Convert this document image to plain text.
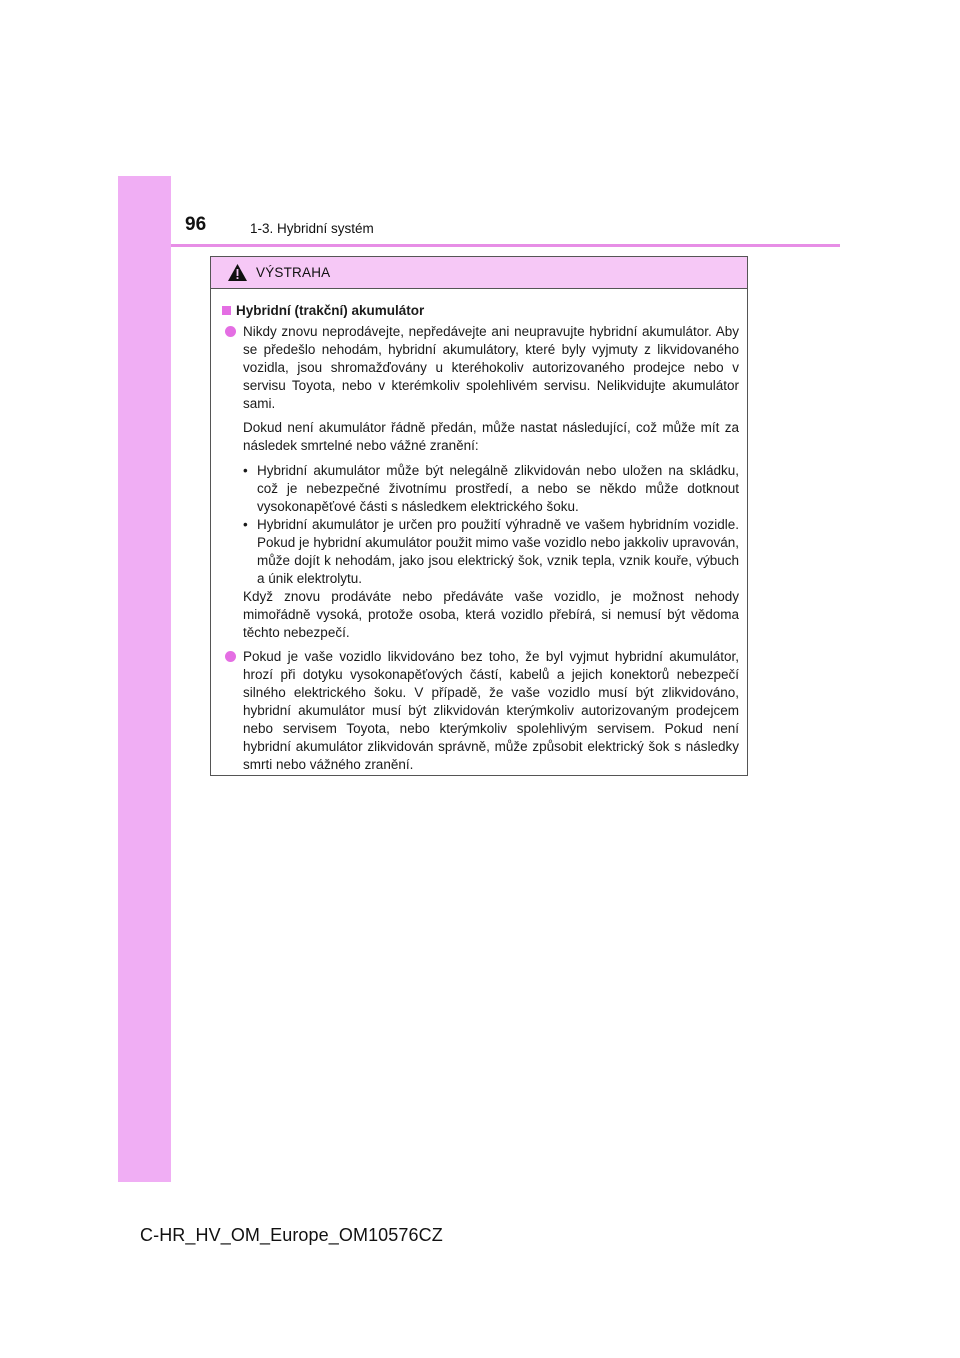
96	1-3. Hybridní systém
VÝSTRAHA
Hybridní (trakční) akumulátor
Nikdy znovu neprodávejte, nepředávejte ani neupravujte hybridní akumulátor. Aby se předešlo nehodám, hybridní akumulátory, které byly vyjmuty z likvidovaného vozidla, jsou shromažďovány u kteréhokoliv autorizovaného prodejce nebo v servisu Toyota, nebo v kterémkoliv spolehlivém servisu. Nelikvidujte akumulátor sami.

Dokud není akumulátor řádně předán, může nastat následující, což může mít za následek smrtelné nebo vážné zranění:

• Hybridní akumulátor může být nelegálně zlikvidován nebo uložen na skládku, což je nebezpečné životnímu prostředí, a nebo se někdo může dotknout vysokonapěťové části s následkem elektrického šoku.
• Hybridní akumulátor je určen pro použití výhradně ve vašem hybridním vozidle. Pokud je hybridní akumulátor použit mimo vaše vozidlo nebo jakkoliv upravován, může dojít k nehodám, jako jsou elektrický šok, vznik tepla, vznik kouře, výbuch a únik elektrolytu.
Když znovu prodáváte nebo předáváte vaše vozidlo, je možnost nehody mimořádně vysoká, protože osoba, která vozidlo přebírá, si nemusí být vědoma těchto nebezpečí.
Pokud je vaše vozidlo likvidováno bez toho, že byl vyjmut hybridní akumulátor, hrozí při dotyku vysokonapěťových částí, kabelů a jejich konektorů nebezpečí silného elektrického šoku. V případě, že vaše vozidlo musí být zlikvidováno, hybridní akumulátor musí být zlikvidován kterýmkoliv autorizovaným prodejcem nebo servisem Toyota, nebo kterýmkoliv spolehlivým servisem. Pokud není hybridní akumulátor zlikvidován správně, může způsobit elektrický šok s následky smrti nebo vážného zranění.
C-HR_HV_OM_Europe_OM10576CZ
